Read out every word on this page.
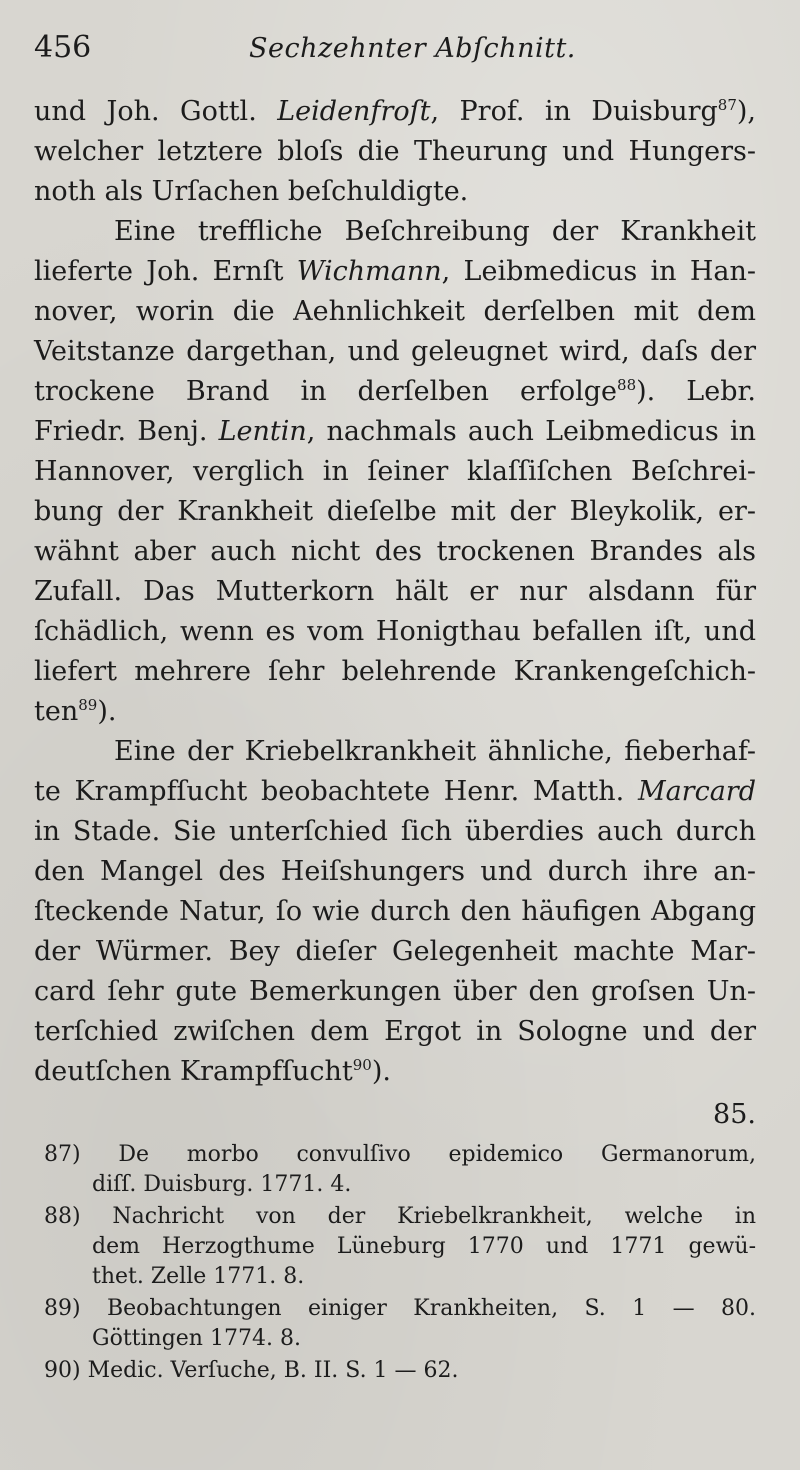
456	Sechzehnter Abſchnitt.
und Joh. Gottl. Leidenfroſt, Prof. in Duisburg$^{87}$),
welcher letztere bloſs die Theurung und Hungers-
noth als Urſachen beſchuldigte.
Eine treffliche Beſchreibung der Krankheit
lieferte Joh. Ernſt Wichmann, Leibmedicus in Han-
nover, worin die Aehnlichkeit derſelben mit dem
Veitstanze dargethan, und geleugnet wird, daſs der
trockene Brand in derſelben erfolge$^{88}$). Lebr.
Friedr. Benj. Lentin, nachmals auch Leibmedicus in
Hannover, verglich in ſeiner klaſſiſchen Beſchrei-
bung der Krankheit dieſelbe mit der Bleykolik, er-
wähnt aber auch nicht des trockenen Brandes als
Zufall. Das Mutterkorn hält er nur alsdann für
ſchädlich, wenn es vom Honigthau befallen iſt, und
liefert mehrere ſehr belehrende Krankengeſchich-
ten$^{89}$).
Eine der Kriebelkrankheit ähnliche, fieberhaf-
te Krampfſucht beobachtete Henr. Matth. Marcard
in Stade. Sie unterſchied ſich überdies auch durch
den Mangel des Heiſshungers und durch ihre an-
ſteckende Natur, ſo wie durch den häufigen Abgang
der Würmer. Bey dieſer Gelegenheit machte Mar-
card ſehr gute Bemerkungen über den groſsen Un-
terſchied zwiſchen dem Ergot in Sologne und der
deutſchen Krampfſucht$^{90}$).
85.
87) De morbo convulſivo epidemico Germanorum,
diſſ. Duisburg. 1771. 4.
88) Nachricht von der Kriebelkrankheit, welche in
dem Herzogthume Lüneburg 1770 und 1771 gewü-
thet. Zelle 1771. 8.
89) Beobachtungen einiger Krankheiten, S. 1 — 80.
Göttingen 1774. 8.
90) Medic. Verſuche, B. II. S. 1 — 62.
